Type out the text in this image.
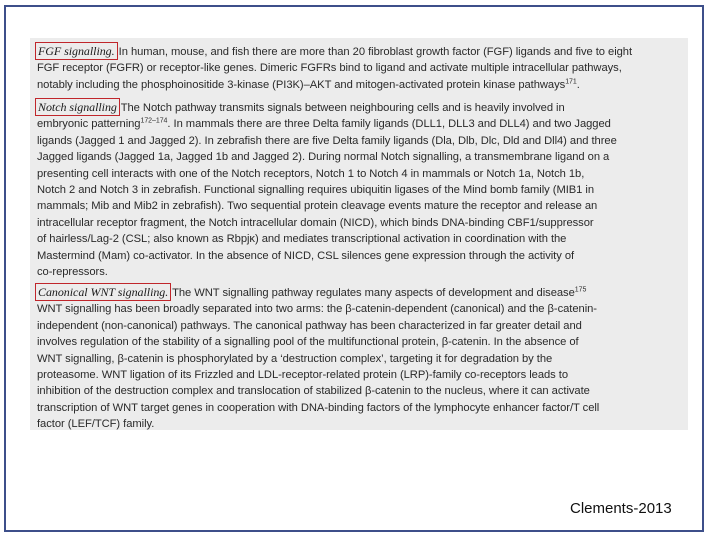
FGF signalling. In human, mouse, and fish there are more than 20 fibroblast growth factor (FGF) ligands and five to eight
FGF receptor (FGFR) or receptor-like genes. Dimeric FGFRs bind to ligand and activate multiple intracellular pathways,
notably including the phosphoinositide 3-kinase (PI3K)–AKT and mitogen-activated protein kinase pathways$^{171}$.
Notch signalling The Notch pathway transmits signals between neighbouring cells and is heavily involved in
embryonic patterning$^{172-174}$. In mammals there are three Delta family ligands (DLL1, DLL3 and DLL4) and two Jagged
ligands (Jagged 1 and Jagged 2). In zebrafish there are five Delta family ligands (Dla, Dlb, Dlc, Dld and Dll4) and three
Jagged ligands (Jagged 1a, Jagged 1b and Jagged 2). During normal Notch signalling, a transmembrane ligand on a
presenting cell interacts with one of the Notch receptors, Notch 1 to Notch 4 in mammals or Notch 1a, Notch 1b,
Notch 2 and Notch 3 in zebrafish. Functional signalling requires ubiquitin ligases of the Mind bomb family (MIB1 in
mammals; Mib and Mib2 in zebrafish). Two sequential protein cleavage events mature the receptor and release an
intracellular receptor fragment, the Notch intracellular domain (NICD), which binds DNA-binding CBF1/suppressor
of hairless/Lag-2 (CSL; also known as Rbpjκ) and mediates transcriptional activation in coordination with the
Mastermind (Mam) co-activator. In the absence of NICD, CSL silences gene expression through the activity of
co-repressors.
Canonical WNT signalling. The WNT signalling pathway regulates many aspects of development and disease$^{175}$
WNT signalling has been broadly separated into two arms: the β-catenin-dependent (canonical) and the β-catenin-
independent (non-canonical) pathways. The canonical pathway has been characterized in far greater detail and
involves regulation of the stability of a signalling pool of the multifunctional protein, β-catenin. In the absence of
WNT signalling, β-catenin is phosphorylated by a ‘destruction complex’, targeting it for degradation by the
proteasome. WNT ligation of its Frizzled and LDL-receptor-related protein (LRP)-family co-receptors leads to
inhibition of the destruction complex and translocation of stabilized β-catenin to the nucleus, where it can activate
transcription of WNT target genes in cooperation with DNA-binding factors of the lymphocyte enhancer factor/T cell
factor (LEF/TCF) family.
Clements-2013
